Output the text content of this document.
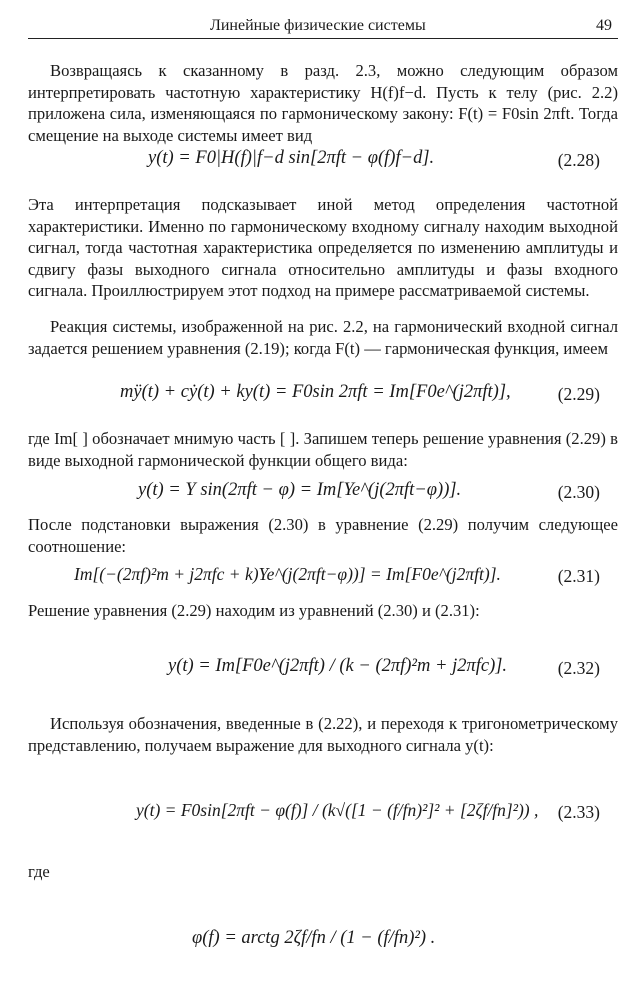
Линейные физические системы	49
Возвращаясь к сказанному в разд. 2.3, можно следующим образом интерпретировать частотную характеристику H(f)f−d. Пусть к телу (рис. 2.2) приложена сила, изменяющаяся по гармоническому закону: F(t) = F0sin 2πft. Тогда смещение на выходе системы имеет вид
y(t) = F0|H(f)|f−d sin[2πft − φ(f)f−d].	(2.28)
Эта интерпретация подсказывает иной метод определения частотной характеристики. Именно по гармоническому входному сигналу находим выходной сигнал, тогда частотная характеристика определяется по изменению амплитуды и сдвигу фазы выходного сигнала относительно амплитуды и фазы входного сигнала. Проиллюстрируем этот подход на примере рассматриваемой системы.
Реакция системы, изображенной на рис. 2.2, на гармонический входной сигнал задается решением уравнения (2.19); когда F(t) — гармоническая функция, имеем
mÿ(t) + cẏ(t) + ky(t) = F0sin 2πft = Im[F0e^(j2πft)],	(2.29)
где Im[ ] обозначает мнимую часть [ ]. Запишем теперь решение уравнения (2.29) в виде выходной гармонической функции общего вида:
y(t) = Y sin(2πft − φ) = Im[Ye^(j(2πft−φ))].	(2.30)
После подстановки выражения (2.30) в уравнение (2.29) получим следующее соотношение:
Im[(−(2πf)²m + j2πfc + k)Ye^(j(2πft−φ))] = Im[F0e^(j2πft)].	(2.31)
Решение уравнения (2.29) находим из уравнений (2.30) и (2.31):
y(t) = Im[F0e^(j2πft) / (k − (2πf)²m + j2πfc)].	(2.32)
Используя обозначения, введенные в (2.22), и переходя к тригонометрическому представлению, получаем выражение для выходного сигнала y(t):
y(t) = F0sin[2πft − φ(f)] / (k√([1 − (f/fn)²]² + [2ζf/fn]²)) , (2.33)
где
φ(f) = arctg 2ζf/fn / (1 − (f/fn)²) .
